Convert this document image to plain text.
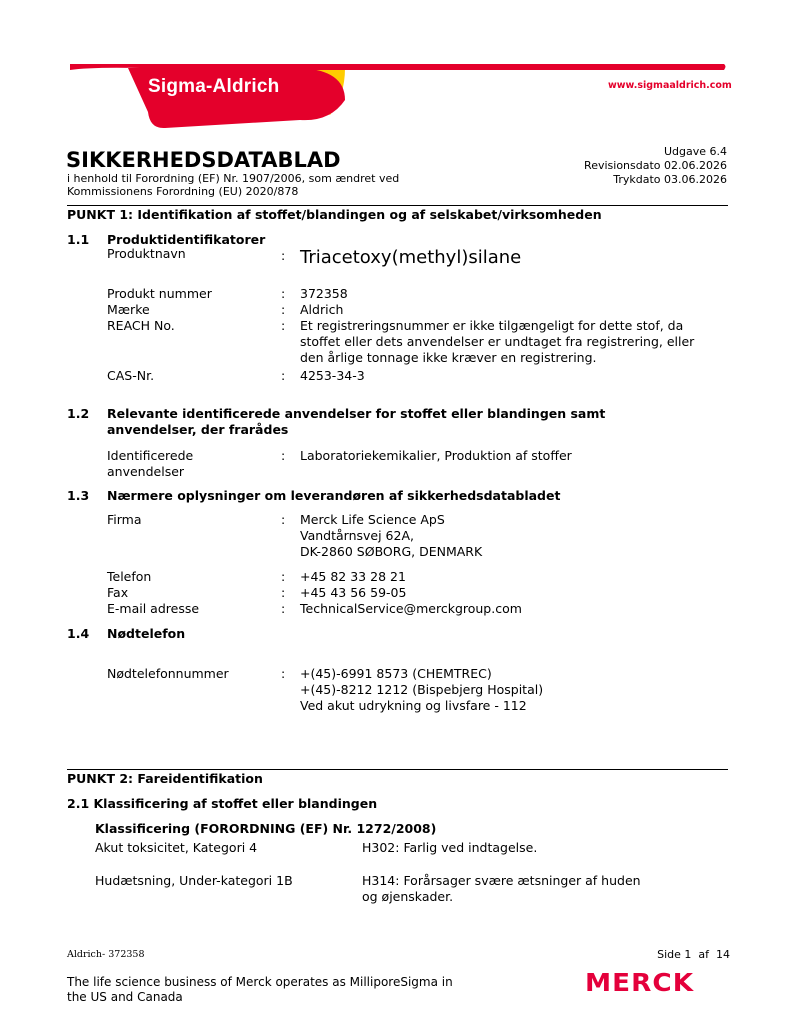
Sigma-Aldrich	www.sigmaaldrich.com
SIKKERHEDSDATABLAD
i henhold til Forordning (EF) Nr. 1907/2006, som ændret ved
Kommissionens Forordning (EU) 2020/878
Udgave 6.4
Revisionsdato 02.06.2026
Trykdato 03.06.2026
PUNKT 1: Identifikation af stoffet/blandingen og af selskabet/virksomheden
1.1 Produktidentifikatorer
Produktnavn	: Triacetoxy(methyl)silane
Produkt nummer	: 372358
Mærke	: Aldrich
REACH No.	: Et registreringsnummer er ikke tilgængeligt for dette stof, da
stoffet eller dets anvendelser er undtaget fra registrering, eller
den årlige tonnage ikke kræver en registrering.
CAS-Nr.	: 4253-34-3
1.2 Relevante identificerede anvendelser for stoffet eller blandingen samt
anvendelser, der frarådes
Identificerede
anvendelser
: Laboratoriekemikalier, Produktion af stoffer
1.3 Nærmere oplysninger om leverandøren af sikkerhedsdatabladet
Firma	: Merck Life Science ApS
Vandtårnsvej 62A,
DK-2860 SØBORG, DENMARK
Telefon	: +45 82 33 28 21
Fax	: +45 43 56 59-05
E-mail adresse	: TechnicalService@merckgroup.com
1.4 Nødtelefon
Nødtelefonnummer	: +(45)-6991 8573 (CHEMTREC)
+(45)-8212 1212 (Bispebjerg Hospital)
Ved akut udrykning og livsfare - 112
PUNKT 2: Fareidentifikation
2.1 Klassificering af stoffet eller blandingen
Klassificering (FORORDNING (EF) Nr. 1272/2008)
Akut toksicitet, Kategori 4	H302: Farlig ved indtagelse.
Hudætsning, Under-kategori 1B	H314: Forårsager svære ætsninger af huden
og øjenskader.
Aldrich- 372358	Side 1  af  14
The life science business of Merck operates as MilliporeSigma in
the US and Canada	MERCK
